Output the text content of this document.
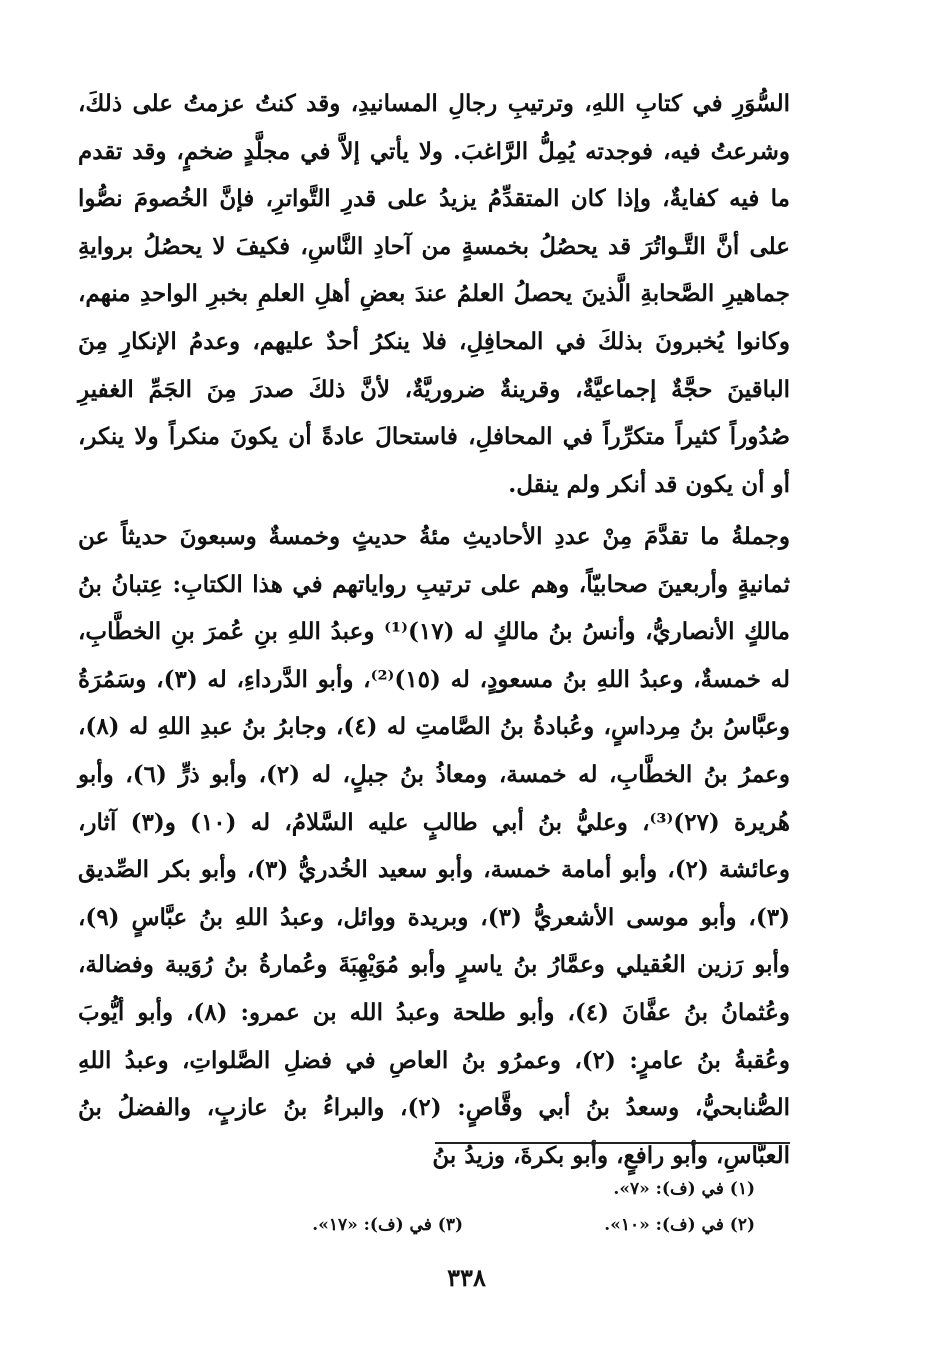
السُّوَرِ في كتابِ اللهِ، وترتيبِ رجالِ المسانيدِ، وقد كنتُ عزمتُ على ذلكَ، وشرعتُ فيه، فوجدته يُمِلُّ الرَّاغبَ. ولا يأتي إلاَّ في مجلَّدٍ ضخمٍ، وقد تقدم ما فيه كفايةٌ، وإذا كان المتقدِّمُ يزيدُ على قدرِ التَّواترِ، فإنَّ الخُصومَ نصُّوا على أنَّ التَّـواتُرَ قد يحصُلُ بخمسةٍ من آحادِ النَّاسِ، فكيفَ لا يحصُلُ بروايةِ جماهيرِ الصَّحابةِ الَّذينَ يحصلُ العلمُ عندَ بعضِ أهلِ العلمِ بخبرِ الواحدِ منهم، وكانوا يُخبرونَ بذلكَ في المحافِلِ، فلا ينكرُ أحدٌ عليهم، وعدمُ الإنكارِ مِنَ الباقينَ حجَّةٌ إجماعيَّةٌ، وقرينةٌ ضروريَّةٌ، لأنَّ ذلكَ صدرَ مِنَ الجَمِّ الغفيرِ صُدُوراً كثيراً متكرِّراً في المحافلِ، فاستحالَ عادةً أن يكونَ منكراً ولا ينكر، أو أن يكون قد أنكر ولم ينقل.
وجملةُ ما تقدَّمَ مِنْ عددِ الأحاديثِ مئةُ حديثٍ وخمسةٌ وسبعونَ حديثاً عن ثمانيةٍ وأربعينَ صحابيّاً، وهم على ترتيبِ رواياتهم في هذا الكتابِ: عِتبانُ بنُ مالكٍ الأنصاريُّ، وأنسُ بنُ مالكٍ له (١٧)⁽¹⁾ وعبدُ اللهِ بنِ عُمرَ بنِ الخطَّابِ، له خمسةٌ، وعبدُ اللهِ بنُ مسعودٍ، له (١٥)⁽²⁾، وأبو الدَّرداءِ، له (٣)، وسَمُرَةُ وعبَّاسُ بنُ مِرداسٍ، وعُبادةُ بنُ الصَّامتِ له (٤)، وجابرُ بنُ عبدِ اللهِ له (٨)، وعمرُ بنُ الخطَّابِ، له خمسة، ومعاذُ بنُ جبلٍ، له (٢)، وأبو ذرٍّ (٦)، وأبو هُريرة (٢٧)⁽³⁾، وعليُّ بنُ أبي طالبٍ عليه السَّلامُ، له (١٠) و(٣) آثار، وعائشة (٢)، وأبو أمامة خمسة، وأبو سعيد الخُدريُّ (٣)، وأبو بكر الصِّديق (٣)، وأبو موسى الأشعريُّ (٣)، وبريدة ووائل، وعبدُ اللهِ بنُ عبَّاسٍ (٩)، وأبو رَزين العُقيلي وعمَّارُ بنُ ياسرٍ وأبو مُوَيْهِبَةَ وعُمارةُ بنُ رُوَيبة وفضالة، وعُثمانُ بنُ عفَّانَ (٤)، وأبو طلحة وعبدُ الله بن عمرو: (٨)، وأبو أيُّوبَ وعُقبةُ بنُ عامرٍ: (٢)، وعمرُو بنُ العاصِ في فضلِ الصَّلواتِ، وعبدُ اللهِ الصُّنابحيُّ، وسعدُ بنُ أبي وقَّاصٍ: (٢)، والبراءُ بنُ عازبٍ، والفضلُ بنُ العبَّاسِ، وأبو رافعٍ، وأبو بكرةَ، وزيدُ بنُ
(١) في (ف): «٧».
(٢) في (ف): «١٠».
(٣) في (ف): «١٧».
٣٣٨
